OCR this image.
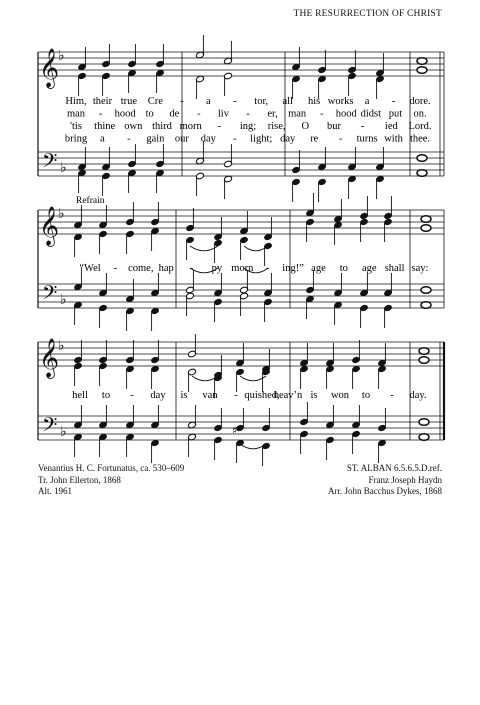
THE RESURRECTION OF CHRIST
𝄞
♭
𝄢 ♭
𝄞
♭
𝄢 ♭
𝄞
♭
𝄢 ♭	♯
Him, their true Cre - a - tor, all his works a - dore.
man - hood to de - liv - er, man - hood didst put on.
'tis thine own third morn - ing; rise, O bur - ied Lord.
bring a - gain our day - light; day re - turns with thee.
“Wel - come, hap - py morn - ing!” age to age shall say:
hell to - day is van - quished,
heav’n is won to - day.
Refrain
Venantius H. C. Fortunatus, ca. 530–609
Tr. John Ellerton, 1868
Alt. 1961
ST. ALBAN 6.5.6.5.D.ref.
Franz Joseph Haydn
Arr. John Bacchus Dykes, 1868
